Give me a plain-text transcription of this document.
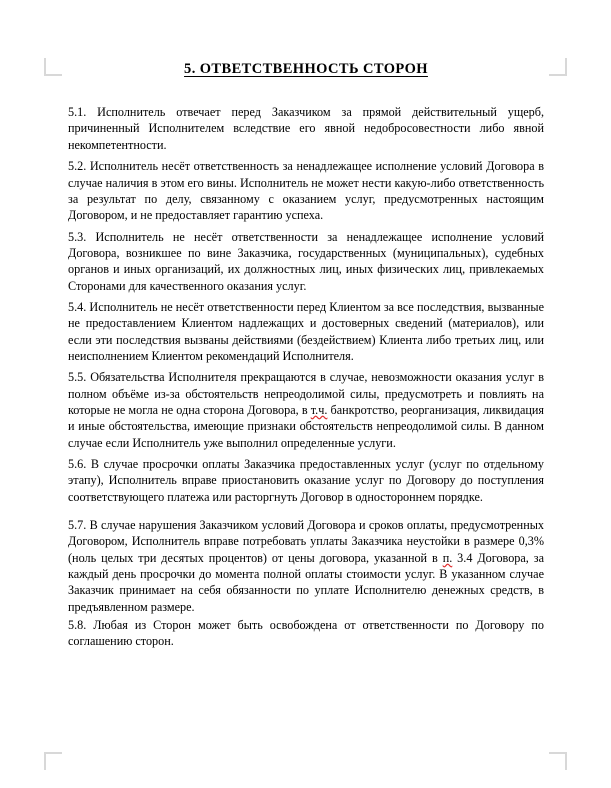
5. ОТВЕТСТВЕННОСТЬ СТОРОН

5.1. Исполнитель отвечает перед Заказчиком за прямой действительный ущерб, причиненный Исполнителем вследствие его явной недобросовестности либо явной некомпетентности.

5.2. Исполнитель несёт ответственность за ненадлежащее исполнение условий Договора в случае наличия в этом его вины. Исполнитель не может нести какую-либо ответственность за результат по делу, связанному с оказанием услуг, предусмотренных настоящим Договором, и не предоставляет гарантию успеха.

5.3. Исполнитель не несёт ответственности за ненадлежащее исполнение условий Договора, возникшее по вине Заказчика, государственных (муниципальных), судебных органов и иных организаций, их должностных лиц, иных физических лиц, привлекаемых Сторонами для качественного оказания услуг.

5.4. Исполнитель не несёт ответственности перед Клиентом за все последствия, вызванные не предоставлением Клиентом надлежащих и достоверных сведений (материалов), или если эти последствия вызваны действиями (бездействием) Клиента либо третьих лиц, или неисполнением Клиентом рекомендаций Исполнителя.

5.5. Обязательства Исполнителя прекращаются в случае, невозможности оказания услуг в полном объёме из-за обстоятельств непреодолимой силы, предусмотреть и повлиять на которые не могла не одна сторона Договора, в т.ч. банкротство, реорганизация, ликвидация и иные обстоятельства, имеющие признаки обстоятельств непреодолимой силы. В данном случае если Исполнитель уже выполнил определенные услуги.

5.6. В случае просрочки оплаты Заказчика предоставленных услуг (услуг по отдельному этапу), Исполнитель вправе приостановить оказание услуг по Договору до поступления соответствующего платежа или расторгнуть Договор в одностороннем порядке.

5.7. В случае нарушения Заказчиком условий Договора и сроков оплаты, предусмотренных Договором, Исполнитель вправе потребовать уплаты Заказчика неустойки в размере 0,3% (ноль целых три десятых процентов) от цены договора, указанной в п. 3.4 Договора, за каждый день просрочки до момента полной оплаты стоимости услуг. В указанном случае Заказчик принимает на себя обязанности по уплате Исполнителю денежных средств, в предъявленном размере.

5.8. Любая из Сторон может быть освобождена от ответственности по Договору по соглашению сторон.
